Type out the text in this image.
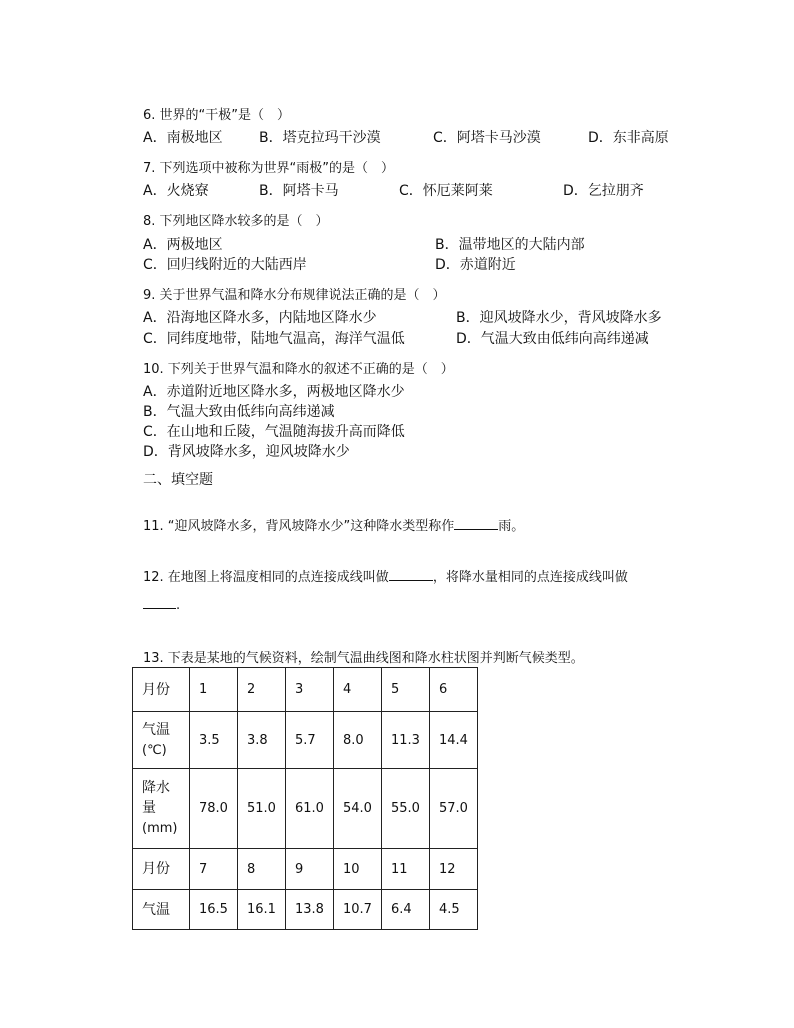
6. 世界的“干极”是（　）
A．南极地区	B．塔克拉玛干沙漠	C．阿塔卡马沙漠	D．东非高原
7. 下列选项中被称为世界“雨极”的是（　）
A．火烧寮	B．阿塔卡马	C．怀厄莱阿莱	D．乞拉朋齐
8. 下列地区降水较多的是（　）
A．两极地区	B．温带地区的大陆内部
C．回归线附近的大陆西岸	D．赤道附近
9. 关于世界气温和降水分布规律说法正确的是（　）
A．沿海地区降水多，内陆地区降水少	B．迎风坡降水少，背风坡降水多
C．同纬度地带，陆地气温高，海洋气温低	D．气温大致由低纬向高纬递减
10. 下列关于世界气温和降水的叙述不正确的是（　）
A．赤道附近地区降水多，两极地区降水少
B．气温大致由低纬向高纬递减
C．在山地和丘陵，气温随海拔升高而降低
D．背风坡降水多，迎风坡降水少
二、填空题
11. “迎风坡降水多，背风坡降水少”这种降水类型称作	雨。
12. 在地图上将温度相同的点连接成线叫做	，将降水量相同的点连接成线叫做
.
13. 下表是某地的气候资料，绘制气温曲线图和降水柱状图并判断气候类型。
月份	1	2	3	4	5	6
气温
(℃)	3.5	3.8	5.7	8.0	11.3	14.4
降水
量
(mm)	78.0	51.0	61.0	54.0	55.0	57.0
月份	7	8	9	10	11	12
气温	16.5	16.1	13.8	10.7	6.4	4.5
